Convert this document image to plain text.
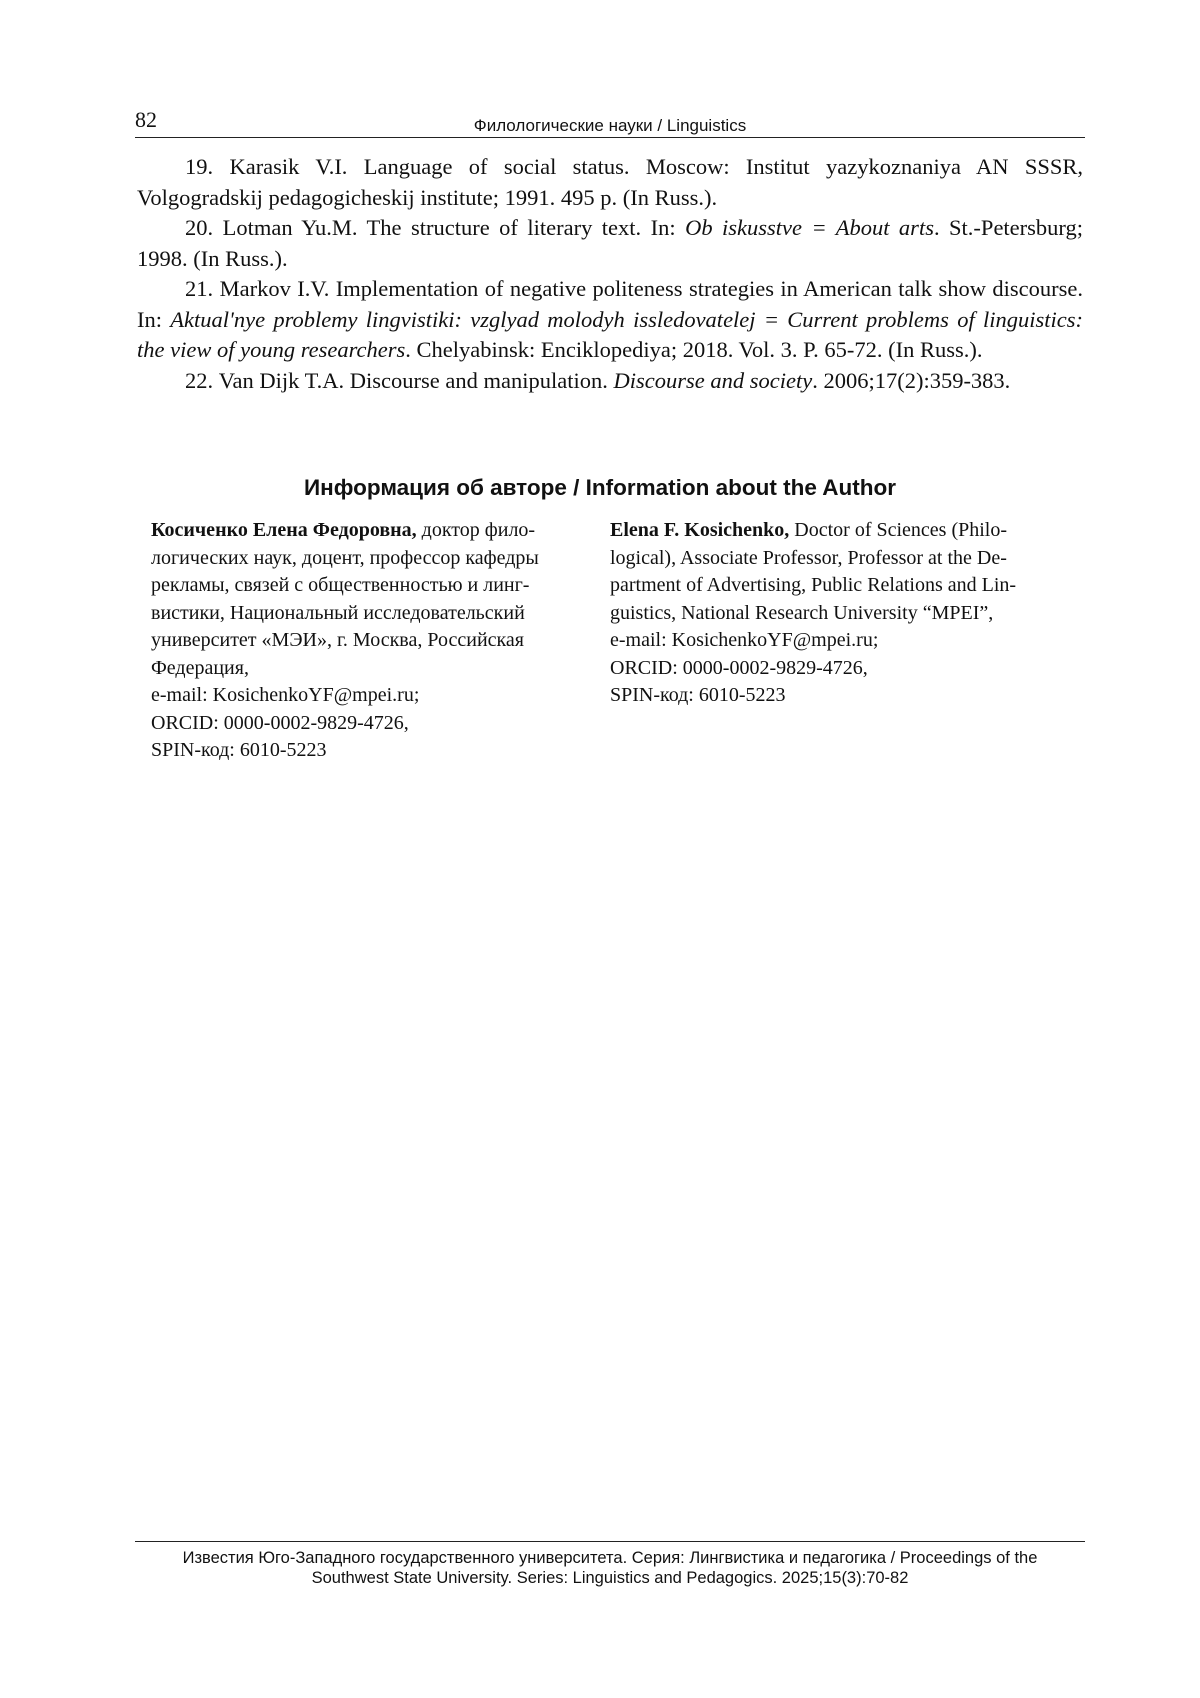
82	Филологические науки / Linguistics

19. Karasik V.I. Language of social status. Moscow: Institut yazykoznaniya AN SSSR, Volgogradskij pedagogicheskij institute; 1991. 495 p. (In Russ.).

20. Lotman Yu.M. The structure of literary text. In: Ob iskusstve = About arts. St.-Petersburg; 1998. (In Russ.).

21. Markov I.V. Implementation of negative politeness strategies in American talk show discourse. In: Aktual'nye problemy lingvistiki: vzglyad molodyh issledovatelej = Current problems of linguistics: the view of young researchers. Chelyabinsk: Enciklopediya; 2018. Vol. 3. P. 65-72. (In Russ.).

22. Van Dijk T.A. Discourse and manipulation. Discourse and society. 2006;17(2):359-383.

Информация об авторе / Information about the Author
Косиченко Елена Федоровна, доктор фило-
логических наук, доцент, профессор кафедры
рекламы, связей с общественностью и линг-
вистики, Национальный исследовательский
университет «МЭИ», г. Москва, Российская
Федерация,
e-mail: KosichenkoYF@mpei.ru;
ORCID: 0000-0002-9829-4726,
SPIN-код: 6010-5223
Elena F. Kosichenko, Doctor of Sciences (Philo-
logical), Associate Professor, Professor at the De-
partment of Advertising, Public Relations and Lin-
guistics, National Research University “MPEI”,
e-mail: KosichenkoYF@mpei.ru;
ORCID: 0000-0002-9829-4726,
SPIN-код: 6010-5223
Известия Юго-Западного государственного университета. Серия: Лингвистика и педагогика / Proceedings of the
Southwest State University. Series: Linguistics and Pedagogics. 2025;15(3):70-82
